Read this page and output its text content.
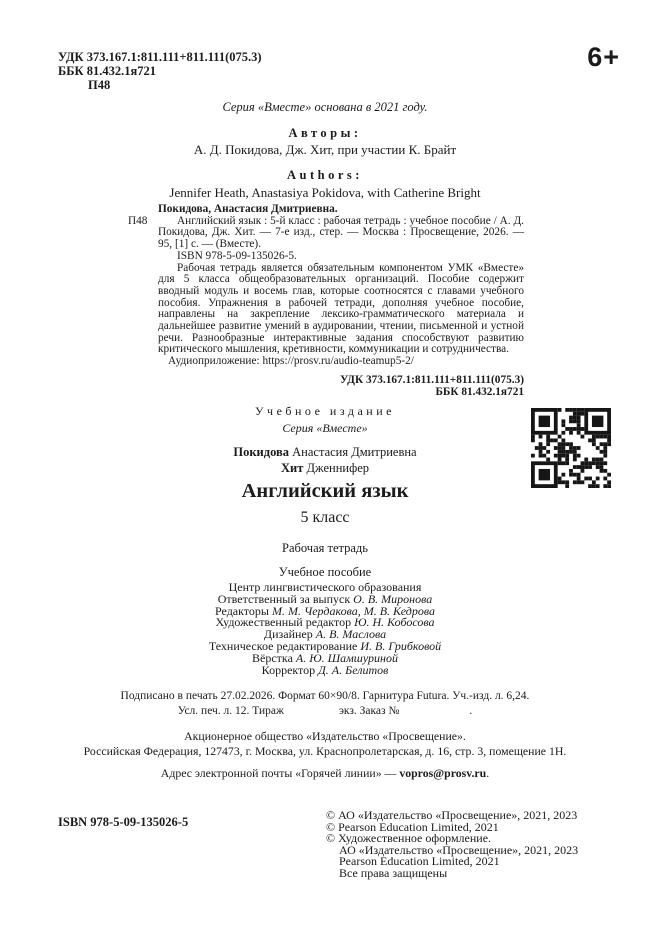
УДК 373.167.1:811.111+811.111(075.3)
ББК 81.432.1я721
П48
6+
Серия «Вместе» основана в 2021 году.
Авторы:
А. Д. Покидова, Дж. Хит, при участии К. Брайт
Authors:
Jennifer Heath, Anastasiya Pokidova, with Catherine Bright
Покидова, Анастасия Дмитриевна.
П48	Английский язык : 5-й класс : рабочая тетрадь : учебное пособие / А. Д. Покидова, Дж. Хит. — 7-е изд., стер. — Москва : Просвещение, 2026. — 95, [1] с. — (Вместе).

ISBN 978-5-09-135026-5.

Рабочая тетрадь является обязательным компонентом УМК «Вместе» для 5 класса общеобразовательных организаций. Пособие содержит вводный модуль и восемь глав, которые соотносятся с главами учебного пособия. Упражнения в рабочей тетради, дополняя учебное пособие, направлены на закрепление лексико-грамматического материала и дальнейшее развитие умений в аудировании, чтении, письменной и устной речи. Разнообразные интерактивные задания способствуют развитию критического мышления, кретивности, коммуникации и сотрудничества.

Аудиоприложение: https://prosv.ru/audio-teamup5-2/
УДК 373.167.1:811.111+811.111(075.3)
ББК 81.432.1я721
Учебное издание
Серия «Вместе»
Покидова Анастасия Дмитриевна
Хит Дженнифер
Английский язык
5 класс
Рабочая тетрадь
Учебное пособие
Центр лингвистического образования
Ответственный за выпуск О. В. Миронова
Редакторы М. М. Чердакова, М. В. Кедрова
Художественный редактор Ю. Н. Кобосова
Дизайнер А. В. Маслова
Техническое редактирование И. В. Грибковой
Вёрстка А. Ю. Шамшуриной
Корректор Д. А. Белитов
Подписано в печать 27.02.2026. Формат 60×90/8. Гарнитура Futura. Уч.-изд. л. 6,24.
Усл. печ. л. 12. Тираж	экз. Заказ №	.
Акционерное общество «Издательство «Просвещение».
Российская Федерация, 127473, г. Москва, ул. Краснопролетарская, д. 16, стр. 3, помещение 1Н.
Адрес электронной почты «Горячей линии» — vopros@prosv.ru.
ISBN 978-5-09-135026-5	© АО «Издательство «Просвещение», 2021, 2023
© Pearson Education Limited, 2021
© Художественное оформление.
АО «Издательство «Просвещение», 2021, 2023
Pearson Education Limited, 2021
Все права защищены
